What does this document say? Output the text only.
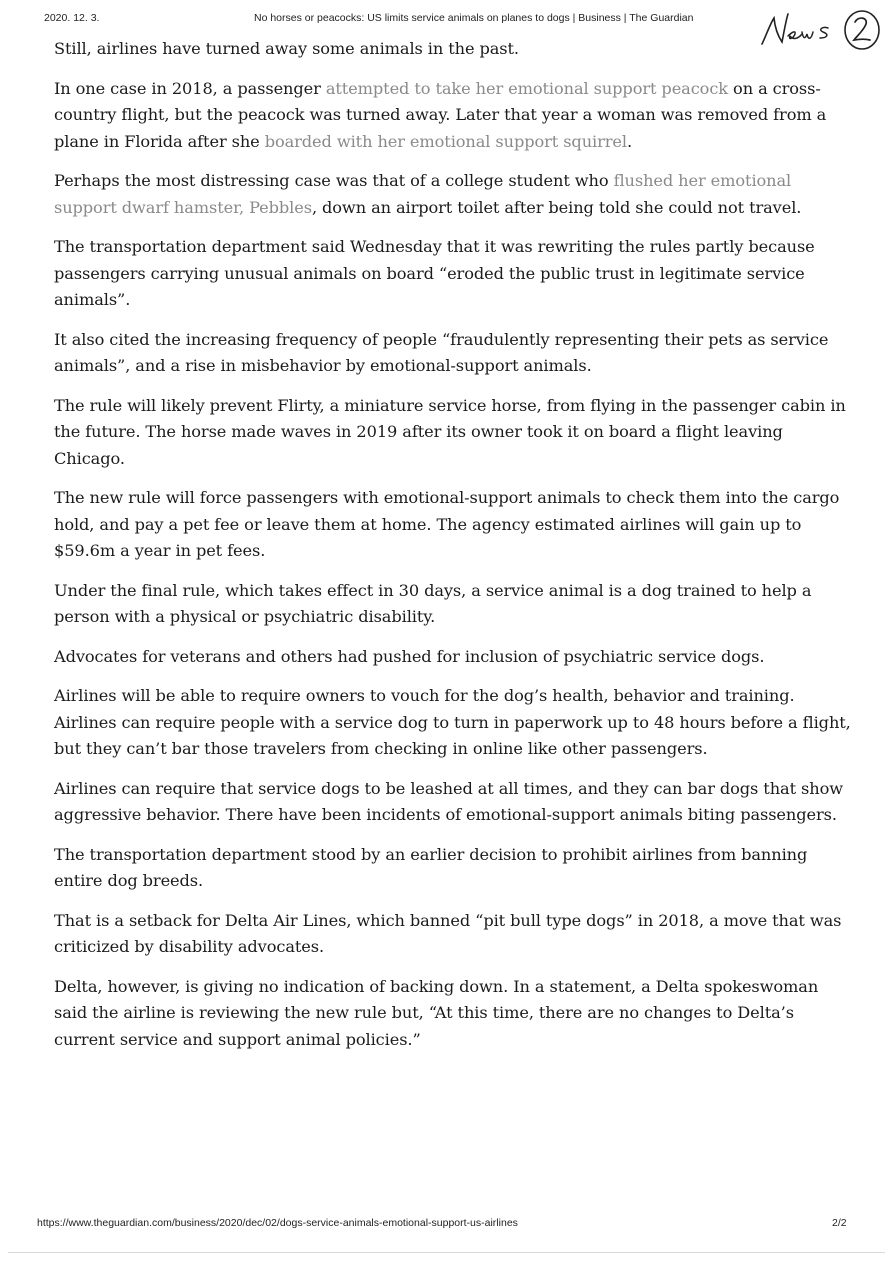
2020. 12. 3.	No horses or peacocks: US limits service animals on planes to dogs | Business | The Guardian

Still, airlines have turned away some animals in the past.

In one case in 2018, a passenger attempted to take her emotional support peacock on a cross-country flight, but the peacock was turned away. Later that year a woman was removed from a plane in Florida after she boarded with her emotional support squirrel.

Perhaps the most distressing case was that of a college student who flushed her emotional support dwarf hamster, Pebbles, down an airport toilet after being told she could not travel.

The transportation department said Wednesday that it was rewriting the rules partly because passengers carrying unusual animals on board “eroded the public trust in legitimate service animals”.

It also cited the increasing frequency of people “fraudulently representing their pets as service animals”, and a rise in misbehavior by emotional-support animals.

The rule will likely prevent Flirty, a miniature service horse, from flying in the passenger cabin in the future. The horse made waves in 2019 after its owner took it on board a flight leaving Chicago.

The new rule will force passengers with emotional-support animals to check them into the cargo hold, and pay a pet fee or leave them at home. The agency estimated airlines will gain up to $59.6m a year in pet fees.

Under the final rule, which takes effect in 30 days, a service animal is a dog trained to help a person with a physical or psychiatric disability.

Advocates for veterans and others had pushed for inclusion of psychiatric service dogs.

Airlines will be able to require owners to vouch for the dog’s health, behavior and training. Airlines can require people with a service dog to turn in paperwork up to 48 hours before a flight, but they can’t bar those travelers from checking in online like other passengers.

Airlines can require that service dogs to be leashed at all times, and they can bar dogs that show aggressive behavior. There have been incidents of emotional-support animals biting passengers.

The transportation department stood by an earlier decision to prohibit airlines from banning entire dog breeds.

That is a setback for Delta Air Lines, which banned “pit bull type dogs” in 2018, a move that was criticized by disability advocates.

Delta, however, is giving no indication of backing down. In a statement, a Delta spokeswoman said the airline is reviewing the new rule but, “At this time, there are no changes to Delta’s current service and support animal policies.”

https://www.theguardian.com/business/2020/dec/02/dogs-service-animals-emotional-support-us-airlines	2/2
